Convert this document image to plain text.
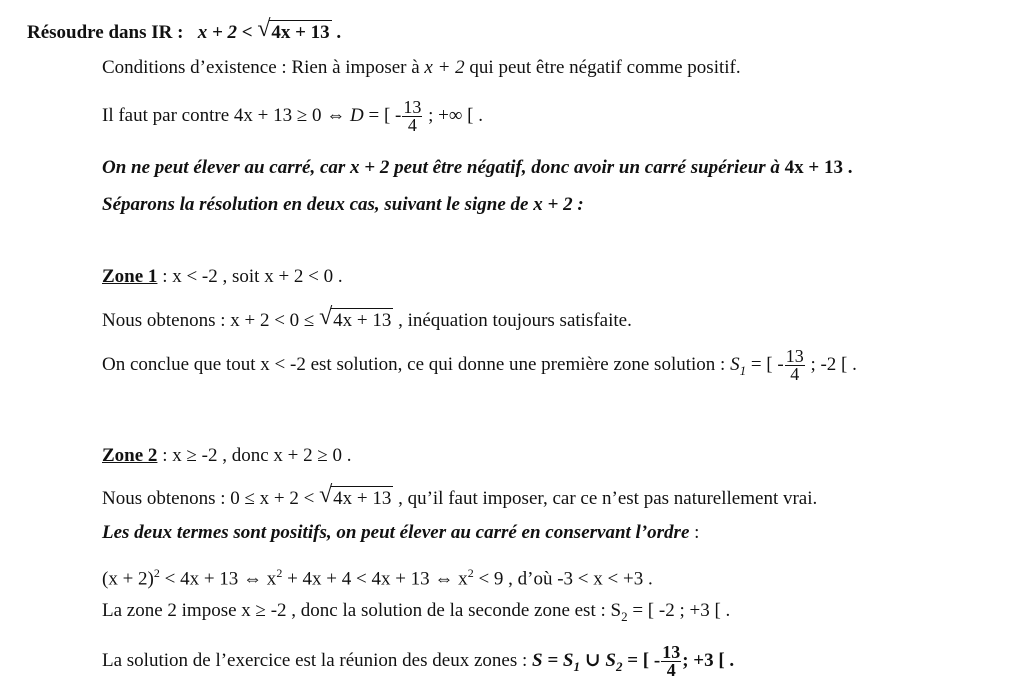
Résoudre dans IR : x + 2 < √ 4x + 13 .
Conditions d’existence : Rien à imposer à x + 2 qui peut être négatif comme positif.
Il faut par contre 4x + 13 ≥ 0 ⇔ D = [ - $\frac{13}{4}$ ; +∞ [ .
On ne peut élever au carré, car x + 2 peut être négatif, donc avoir un carré supérieur à 4x + 13 .
Séparons la résolution en deux cas, suivant le signe de x + 2 :
Zone 1 : x < -2 , soit x + 2 < 0 .
Nous obtenons : x + 2 < 0 ≤ √ 4x + 13 , inéquation toujours satisfaite.
On conclue que tout x < -2 est solution, ce qui donne une première zone solution : $S_1$ = [ - $\frac{13}{4}$ ; -2 [ .
Zone 2 : x ≥ -2 , donc x + 2 ≥ 0 .
Nous obtenons : 0 ≤ x + 2 < √ 4x + 13 , qu’il faut imposer, car ce n’est pas naturellement vrai.
Les deux termes sont positifs, on peut élever au carré en conservant l’ordre :
$(x + 2)^2 < 4x + 13$ ⇔ $x^2 + 4x + 4 < 4x + 13$ ⇔ $x^2 < 9$ , d’où -3 < x < +3 .
La zone 2 impose x ≥ -2 , donc la solution de la seconde zone est : $S_2$ = [ -2 ; +3 [ .
La solution de l’exercice est la réunion des deux zones : $S = S_1$ ∪ $S_2$ = [ - $\frac{13}{4}$ ; +3 [ .
